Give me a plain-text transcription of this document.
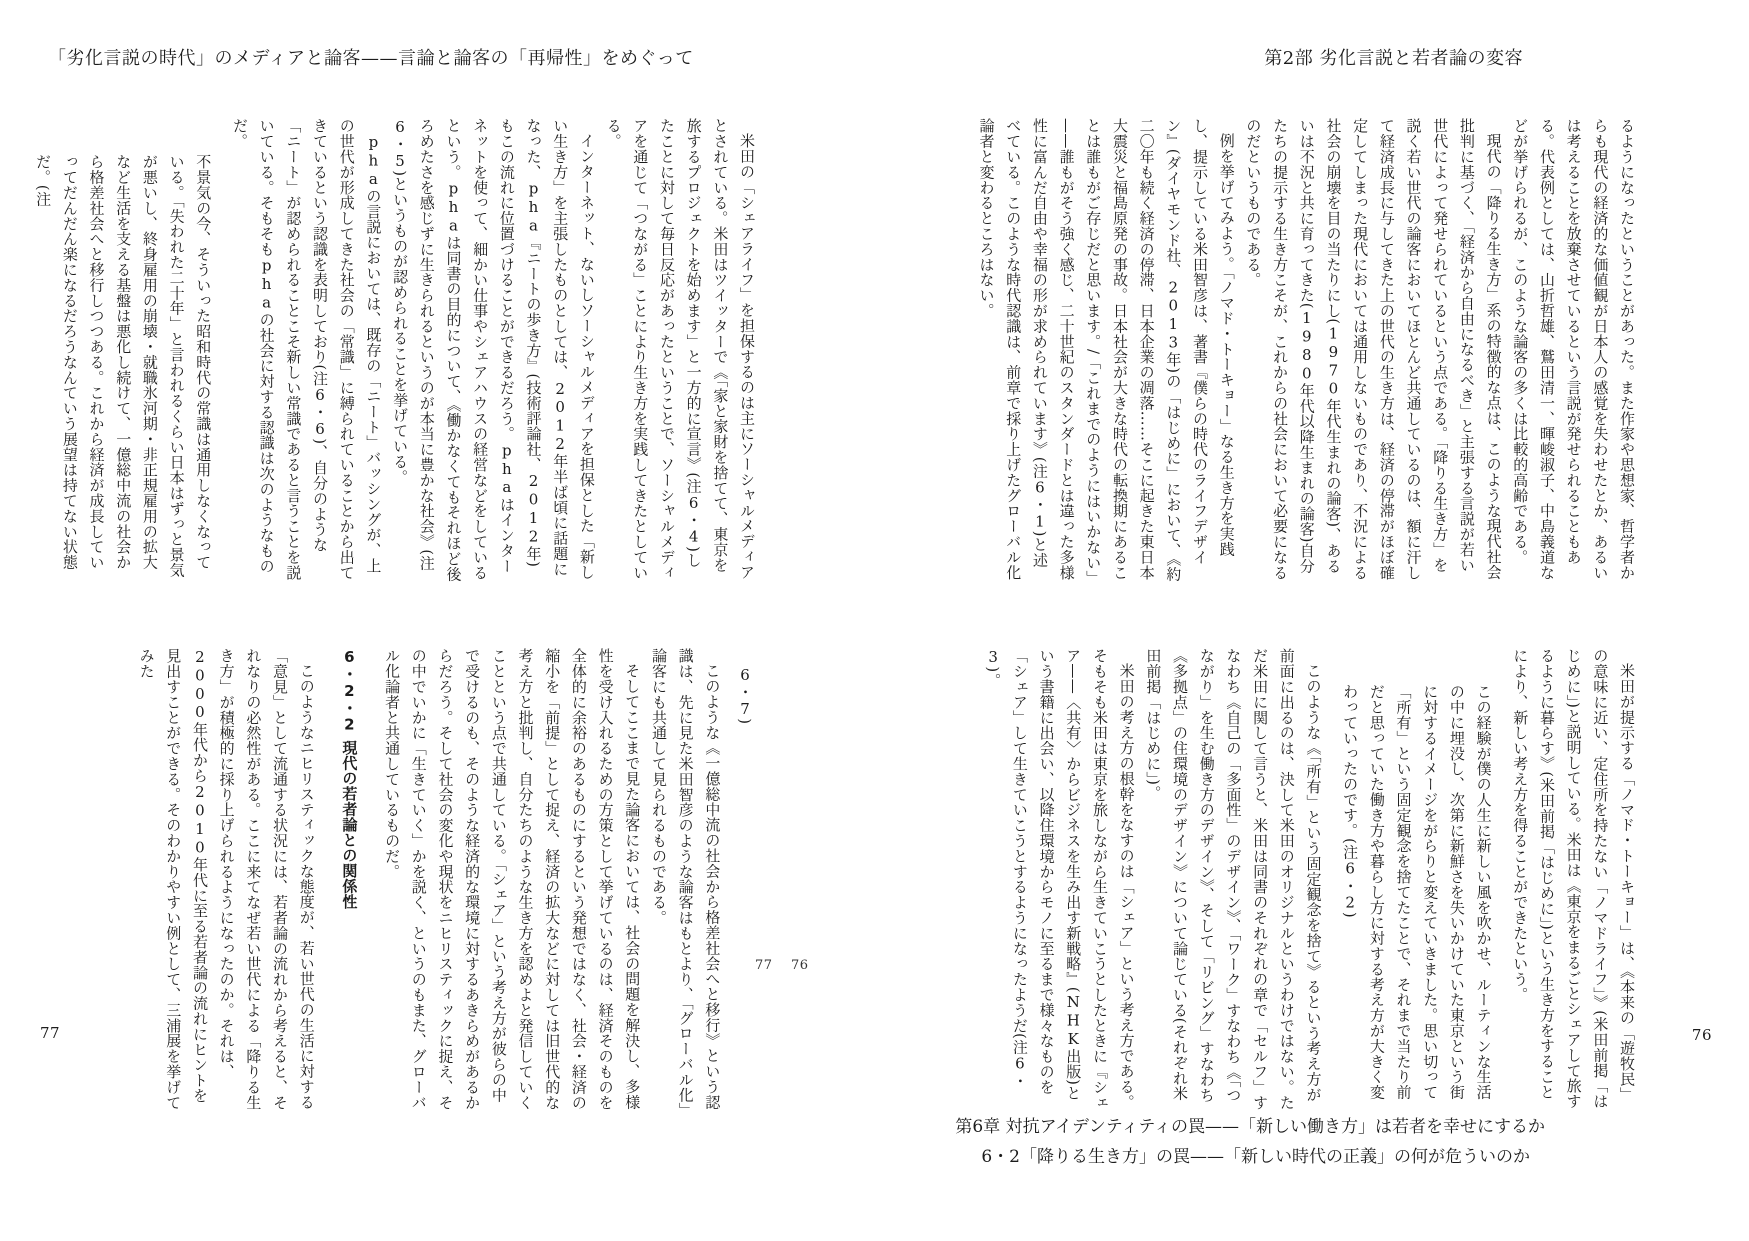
「劣化言説の時代」のメディアと論客——言論と論客の「再帰性」をめぐって	第2部 劣化言説と若者論の変容

るようになったということがあった。また作家や思想家、哲学者からも現代の経済的な価値観が日本人の感覚を失わせたとか、あるいは考えることを放棄させているという言説が発せられることもある。代表例としては、山折哲雄、鷲田清一、暉峻淑子、中島義道などが挙げられるが、このような論客の多くは比較的高齢である。

現代の「降りる生き方」系の特徴的な点は、このような現代社会批判に基づく、「経済から自由になるべき」と主張する言説が若い世代によって発せられているという点である。「降りる生き方」を説く若い世代の論客においてほとんど共通しているのは、額に汗して経済成長に与してきた上の世代の生き方は、経済の停滞がほぼ確定してしまった現代においては通用しないものであり、不況による社会の崩壊を目の当たりにし(1970年代生まれの論客)、あるいは不況と共に育ってきた(1980年代以降生まれの論客)自分たちの提示する生き方こそが、これからの社会において必要になるのだというものである。

例を挙げてみよう。「ノマド・トーキョー」なる生き方を実践し、提示している米田智彦は、著書『僕らの時代のライフデザイン』(ダイヤモンド社、2013年)の「はじめに」において、《約二〇年も続く経済の停滞、日本企業の凋落……そこに起きた東日本大震災と福島原発の事故。日本社会が大きな時代の転換期にあることは誰もがご存じだと思います。/「これまでのようにはいかない」——誰もがそう強く感じ、二十世紀のスタンダードとは違った多様性に富んだ自由や幸福の形が求められています》(注6・1)と述べている。このような時代認識は、前章で採り上げたグローバル化論者と変わるところはない。

米田が提示する「ノマド・トーキョー」は、《本来の「遊牧民」の意味に近い、定住所を持たない「ノマドライフ」》(米田前掲「はじめに」)と説明している。米田は《東京をまるごとシェアして旅するように暮らす》(米田前掲「はじめに」)という生き方をすることにより、新しい考え方を得ることができたという。

この経験が僕の人生に新しい風を吹かせ、ルーティンな生活の中に埋没し、次第に新鮮さを失いかけていた東京という街に対するイメージをがらりと変えていきました。思い切って「所有」という固定観念を捨てたことで、それまで当たり前だと思っていた働き方や暮らし方に対する考え方が大きく変わっていったのです。(注6・2)

このような《「所有」という固定観念を捨て》るという考え方が前面に出るのは、決して米田のオリジナルというわけではない。ただ米田に関して言うと、米田は同書のそれぞれの章で「セルフ」すなわち《自己の「多面性」のデザイン》、「ワーク」すなわち《「つながり」を生む働き方のデザイン》、そして「リビング」すなわち《多拠点」の住環境のデザイン》について論じている(それぞれ米田前掲「はじめに」)。

米田の考え方の根幹をなすのは「シェア」という考え方である。そもそも米田は東京を旅しながら生きていこうとしたときに『シェア——〈共有〉からビジネスを生み出す新戦略』(NHK出版)という書籍に出会い、以降住環境からモノに至るまで様々なものを「シェア」して生きていこうとするようになったようだ(注6・3)。

米田の「シェアライフ」を担保するのは主にソーシャルメディアとされている。米田はツイッターで《「家と家財を捨てて、東京を旅するプロジェクトを始めます」と一方的に宣言》(注6・4)したことに対して毎日反応があったということで、ソーシャルメディアを通じて「つながる」ことにより生き方を実践してきたとしている。

インターネット、ないしソーシャルメディアを担保とした「新しい生き方」を主張したものとしては、2012年半ば頃に話題になった、pha『ニートの歩き方』(技術評論社、2012年)もこの流れに位置づけることができるだろう。phaはインターネットを使って、細かい仕事やシェアハウスの経営などをしているという。phaは同書の目的について、《働かなくてもそれほど後ろめたさを感じずに生きられるというのが本当に豊かな社会》(注6・5)というものが認められることを挙げている。

phaの言説においては、既存の「ニート」バッシングが、上の世代が形成してきた社会の「常識」に縛られていることから出てきているという認識を表明しており(注6・6)、自分のような「ニート」が認められることこそ新しい常識であると言うことを説いている。そもそもphaの社会に対する認識は次のようなものだ。

不景気の今、そういった昭和時代の常識は通用しなくなっている。「失われた二十年」と言われるくらい日本はずっと景気が悪いし、終身雇用の崩壊・就職氷河期・非正規雇用の拡大など生活を支える基盤は悪化し続けて、一億総中流の社会から格差社会へと移行しつつある。これから経済が成長していってだんだん楽になるだろうなんていう展望は持てない状態だ。(注

6・7)

このような《一億総中流の社会から格差社会へと移行》という認識は、先に見た米田智彦のような論客はもとより、「グローバル化」論客にも共通して見られるものである。

そしてここまで見た論客においては、社会の問題を解決し、多様性を受け入れるための方策として挙げているのは、経済そのものを全体的に余裕のあるものにするという発想ではなく、社会・経済の縮小を「前提」として捉え、経済の拡大などに対しては旧世代的な考え方と批判し、自分たちのような生き方を認めよと発信していくことという点で共通している。「シェア」という考え方が彼らの中で受けるのも、そのような経済的な環境に対するあきらめがあるからだろう。そして社会の変化や現状をニヒリスティックに捉え、その中でいかに「生きていく」かを説く、というのもまた、グローバル化論者と共通しているものだ。

6・2・2 現代の若者論との関係性

このようなニヒリスティックな態度が、若い世代の生活に対する「意見」として流通する状況には、若者論の流れから考えると、それなりの必然性がある。ここに来てなぜ若い世代による「降りる生き方」が積極的に採り上げられるようになったのか。それは、2000年代から2010年代に至る若者論の流れにヒントを見出すことができる。そのわかりやすい例として、三浦展を挙げてみた

第6章 対抗アイデンティティの罠——「新しい働き方」は若者を幸せにするか
6・2「降りる生き方」の罠——「新しい時代の正義」の何が危ういのか
77	76
77 76
